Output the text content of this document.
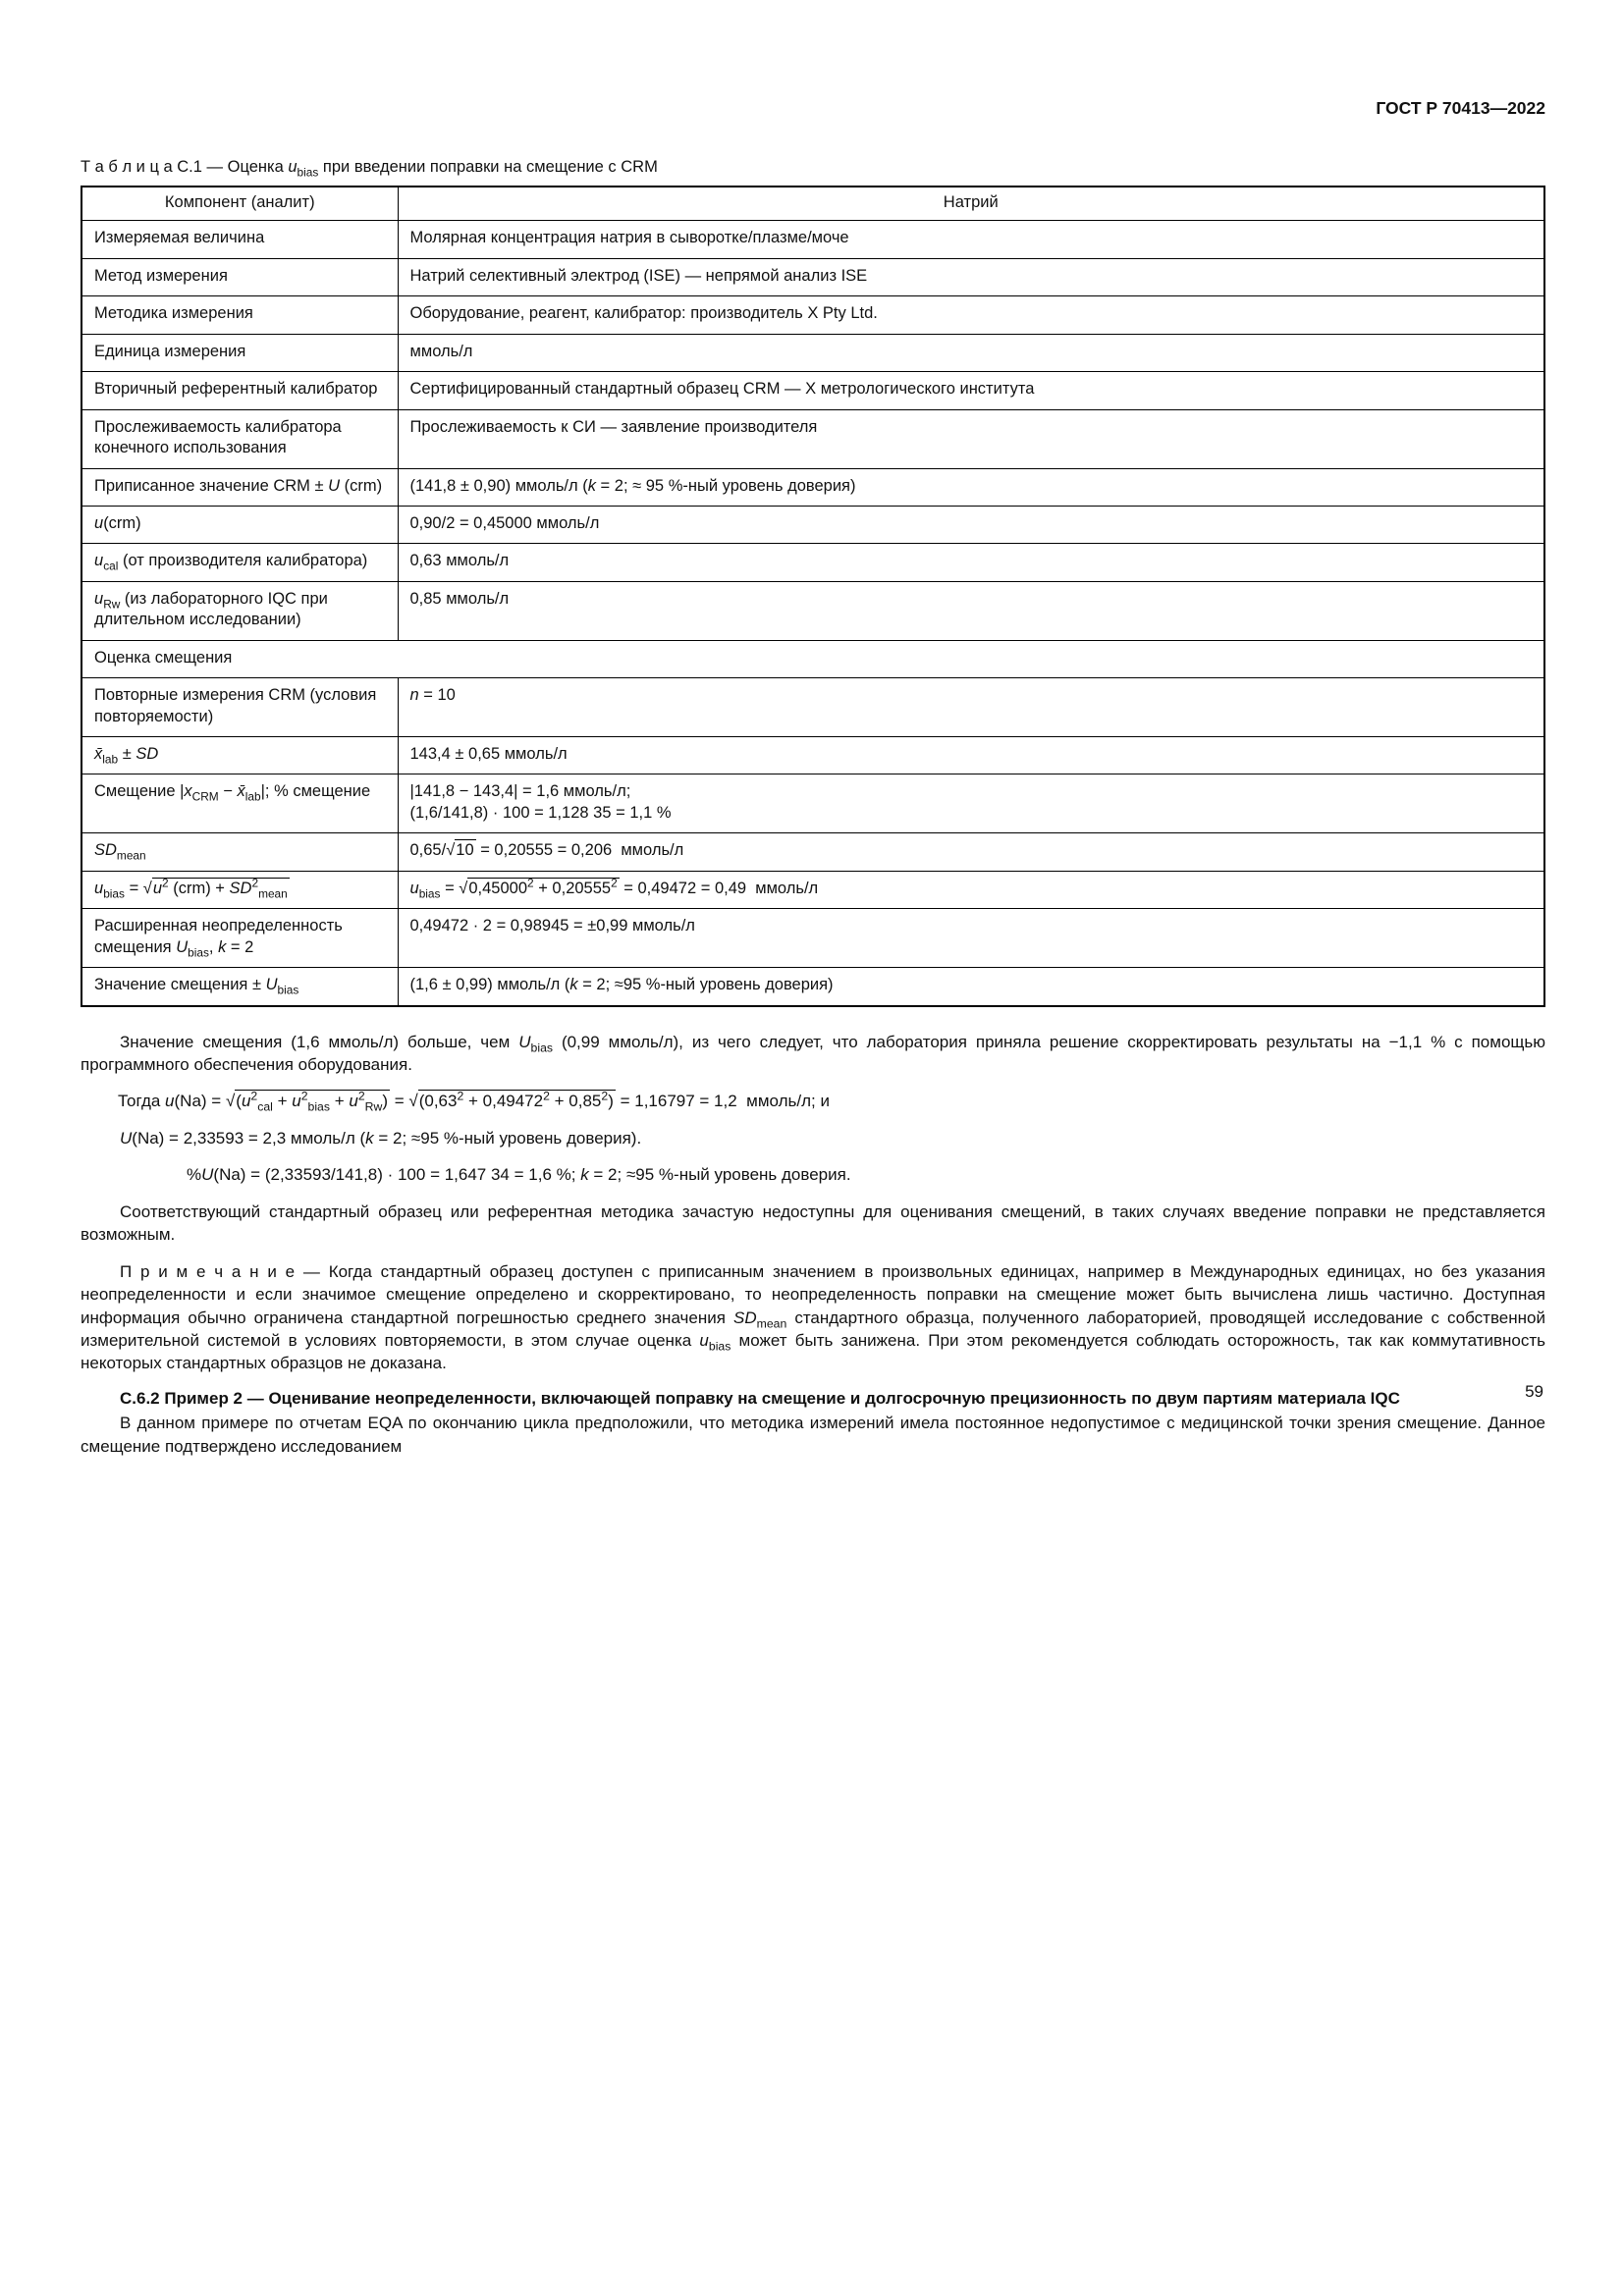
ГОСТ Р 70413—2022
Т а б л и ц а С.1 — Оценка $u_{bias}$ при введении поправки на смещение с CRM
Компонент (аналит)	Натрий
Измеряемая величина	Молярная концентрация натрия в сыворотке/плазме/моче
Метод измерения	Натрий селективный электрод (ISE) — непрямой анализ ISE
Методика измерения	Оборудование, реагент, калибратор: производитель X Pty Ltd.
Единица измерения	ммоль/л
Вторичный референтный калибратор	Сертифицированный стандартный образец CRM — X метрологического института
Прослеживаемость калибратора конечного использования	Прослеживаемость к СИ — заявление производителя
Приписанное значение CRM ± U (crm)	(141,8 ± 0,90) ммоль/л (k = 2; ≈ 95 %-ный уровень доверия)
u(crm)	0,90/2 = 0,45000 ммоль/л
$u_{cal}$ (от производителя калибратора)	0,63 ммоль/л
$u_{Rw}$ (из лабораторного IQC при длительном исследовании)	0,85 ммоль/л
Оценка смещения	
Повторные измерения CRM (условия повторяемости)	n = 10
$x̄_{lab}$ ± SD	143,4 ± 0,65 ммоль/л
Смещение $|x_{CRM}$ − $x̄_{lab}|$; % смещение	|141,8 − 143,4| = 1,6 ммоль/л;
(1,6/141,8) · 100 = 1,128 35 = 1,1 %
$SD_{mean}$	0,65/√10 = 0,20555 = 0,206  ммоль/л
$u_{bias} = √u^2$ $(crm) + SD^2_{mean}$	$u_{bias} = √0,45000^2 + 0,20555^2 = 0,49472 = 0,49$  ммоль/л
Расширенная неопределенность смещения $U_{bias}$, k = 2	0,49472 · 2 = 0,98945 = ±0,99 ммоль/л
Значение смещения ± $U_{bias}$	(1,6 ± 0,99) ммоль/л (k = 2; ≈95 %-ный уровень доверия)

Значение смещения (1,6 ммоль/л) больше, чем $U_{bias}$ (0,99 ммоль/л), из чего следует, что лаборатория приняла решение скорректировать результаты на −1,1 % с помощью программного обеспечения оборудования.

Тогда $u(Na) = √(u^2_{cal} + u^2_{bias} + u^2_{Rw}) = √(0,63^2 + 0,49472^2 + 0,85^2) = 1,16797 = 1,2$  ммоль/л; и

U(Na) = 2,33593 = 2,3 ммоль/л (k = 2; ≈95 %-ный уровень доверия).

%U(Na) = (2,33593/141,8) · 100 = 1,647 34 = 1,6 %; k = 2; ≈95 %-ный уровень доверия.

Соответствующий стандартный образец или референтная методика зачастую недоступны для оценивания смещений, в таких случаях введение поправки не представляется возможным.

П р и м е ч а н и е — Когда стандартный образец доступен с приписанным значением в произвольных единицах, например в Международных единицах, но без указания неопределенности и если значимое смещение определено и скорректировано, то неопределенность поправки на смещение может быть вычислена лишь частично. Доступная информация обычно ограничена стандартной погрешностью среднего значения $SD_{mean}$ стандартного образца, полученного лабораторией, проводящей исследование с собственной измерительной системой в условиях повторяемости, в этом случае оценка $u_{bias}$ может быть занижена. При этом рекомендуется соблюдать осторожность, так как коммутативность некоторых стандартных образцов не доказана.

С.6.2 Пример 2 — Оценивание неопределенности, включающей поправку на смещение и долгосрочную прецизионность по двум партиям материала IQC

В данном примере по отчетам EQA по окончанию цикла предположили, что методика измерений имела постоянное недопустимое с медицинской точки зрения смещение. Данное смещение подтверждено исследованием

59
